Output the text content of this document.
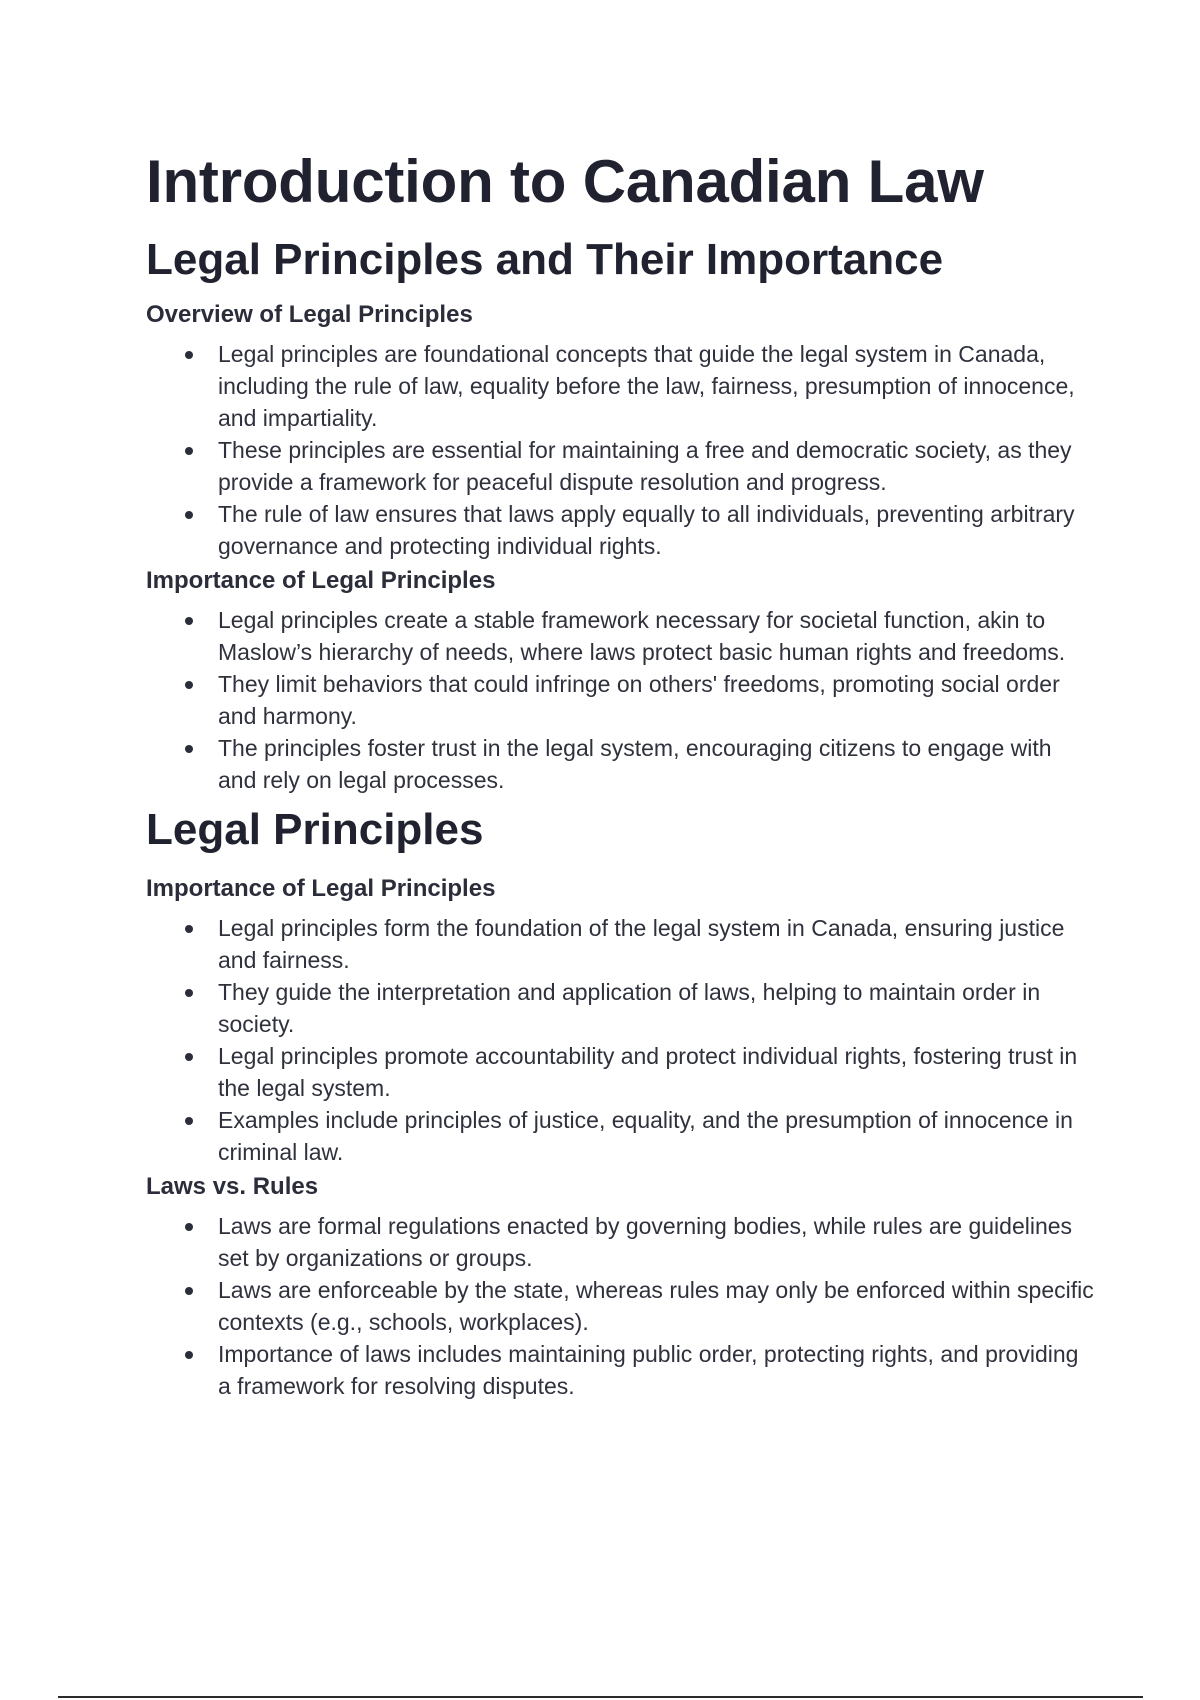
Introduction to Canadian Law
Legal Principles and Their Importance
Overview of Legal Principles
Legal principles are foundational concepts that guide the legal system in Canada, including the rule of law, equality before the law, fairness, presumption of innocence, and impartiality.
These principles are essential for maintaining a free and democratic society, as they provide a framework for peaceful dispute resolution and progress.
The rule of law ensures that laws apply equally to all individuals, preventing arbitrary governance and protecting individual rights.
Importance of Legal Principles
Legal principles create a stable framework necessary for societal function, akin to Maslow’s hierarchy of needs, where laws protect basic human rights and freedoms.
They limit behaviors that could infringe on others' freedoms, promoting social order and harmony.
The principles foster trust in the legal system, encouraging citizens to engage with and rely on legal processes.
Legal Principles
Importance of Legal Principles
Legal principles form the foundation of the legal system in Canada, ensuring justice and fairness.
They guide the interpretation and application of laws, helping to maintain order in society.
Legal principles promote accountability and protect individual rights, fostering trust in the legal system.
Examples include principles of justice, equality, and the presumption of innocence in criminal law.
Laws vs. Rules
Laws are formal regulations enacted by governing bodies, while rules are guidelines set by organizations or groups.
Laws are enforceable by the state, whereas rules may only be enforced within specific contexts (e.g., schools, workplaces).
Importance of laws includes maintaining public order, protecting rights, and providing a framework for resolving disputes.
